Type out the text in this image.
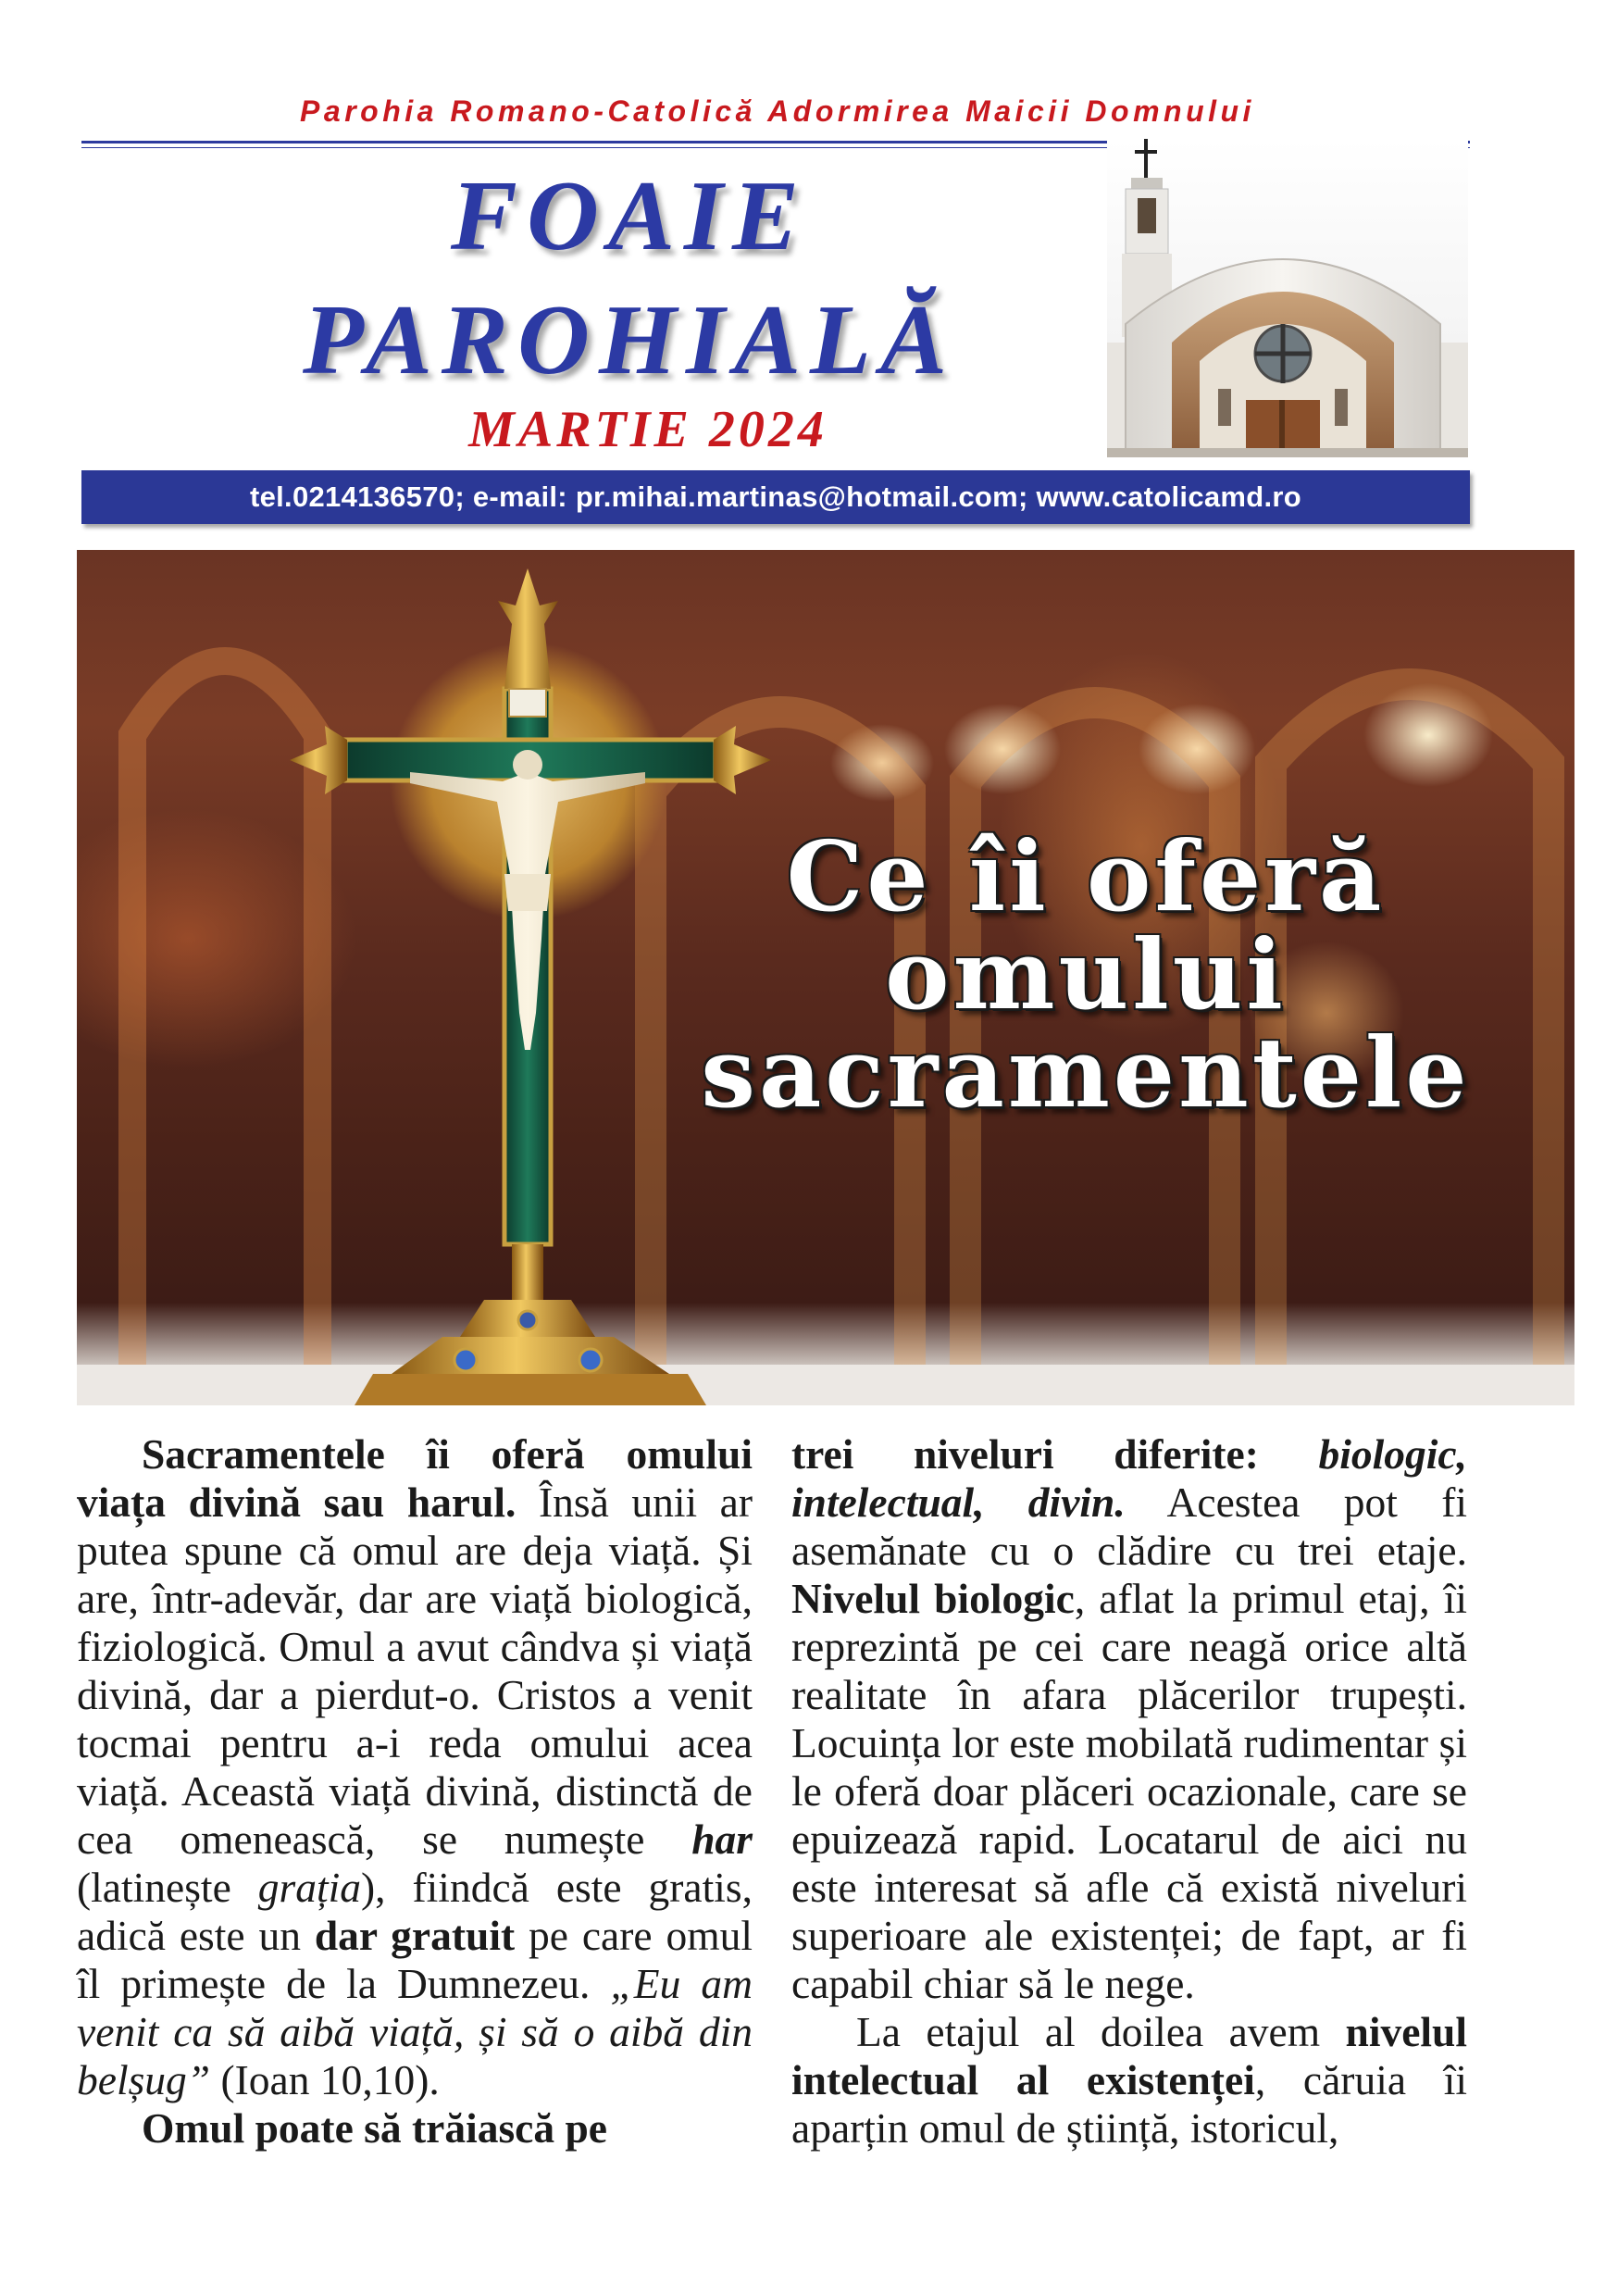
Parohia Romano-Catolică Adormirea Maicii Domnului
FOAIE
PAROHIALĂ
MARTIE 2024
tel.0214136570; e-mail: pr.mihai.martinas@hotmail.com; www.catolicamd.ro
Ce îi oferă
omului
sacramentele

Sacramentele îi oferă omului viața divină sau harul. Însă unii ar putea spune că omul are deja viață. Și are, într-adevăr, dar are viață biologică, fiziologică. Omul a avut cândva și viață divină, dar a pierdut-o. Cristos a venit tocmai pentru a-i reda omului acea viață. Această viață divină, distinctă de cea omenească, se numește har (latinește grația), fiindcă este gratis, adică este un dar gratuit pe care omul îl primește de la Dumnezeu. „Eu am venit ca să aibă viață, și să o aibă din belșug” (Ioan 10,10).

Omul poate să trăiască pe

trei niveluri diferite: biologic, intelectual, divin. Acestea pot fi asemănate cu o clădire cu trei etaje. Nivelul biologic, aflat la primul etaj, îi reprezintă pe cei care neagă orice altă realitate în afara plăcerilor trupești. Locuința lor este mobilată rudimentar și le oferă doar plăceri ocazionale, care se epuizează rapid. Locatarul de aici nu este interesat să afle că există niveluri superioare ale existenței; de fapt, ar fi capabil chiar să le nege.

La etajul al doilea avem nivelul intelectual al existenței, căruia îi aparțin omul de știință, istoricul,
